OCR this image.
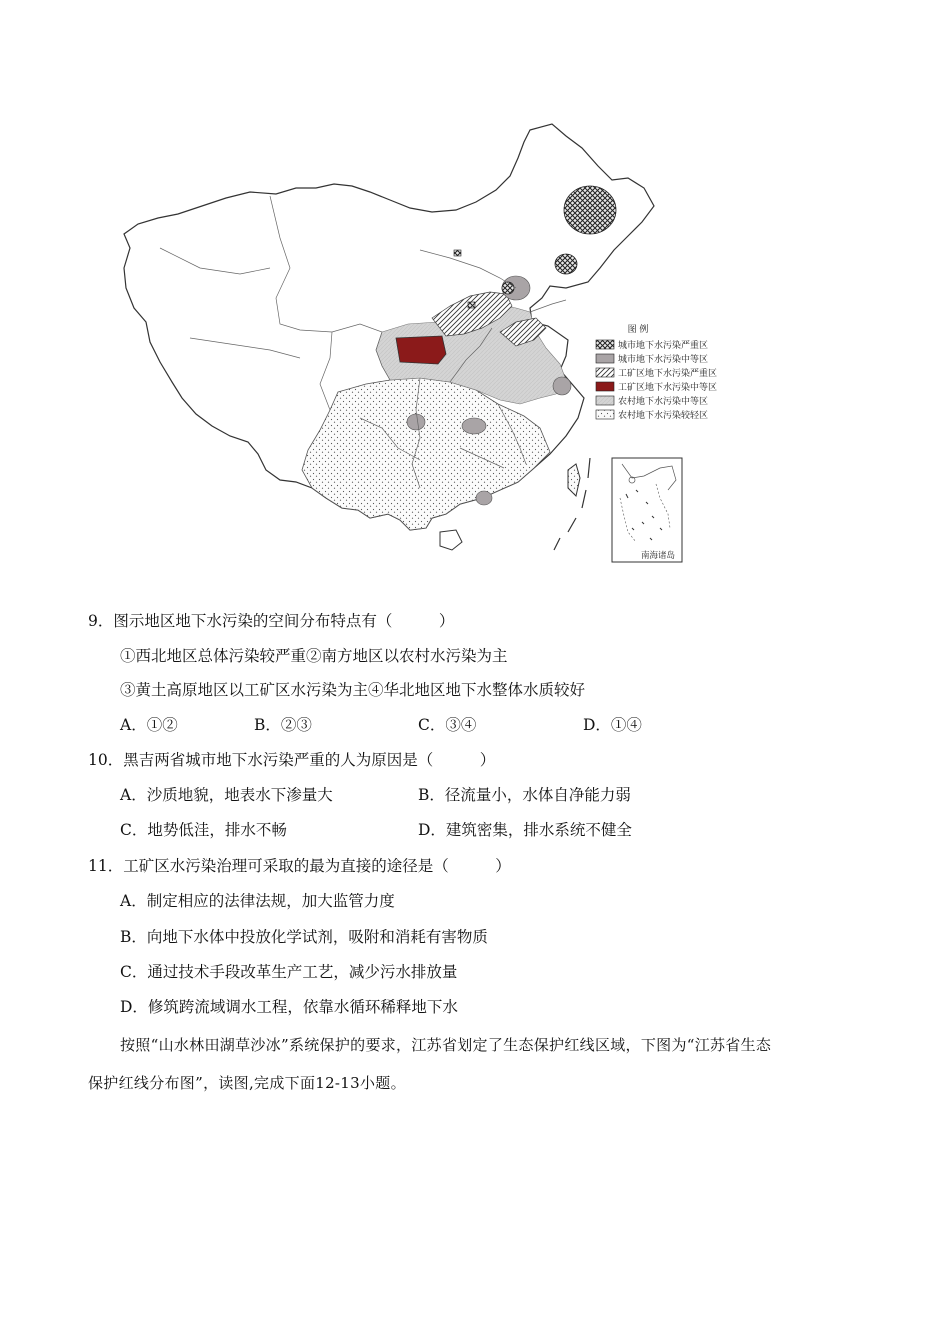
图 例
城市地下水污染严重区
城市地下水污染中等区
工矿区地下水污染严重区
工矿区地下水污染中等区
农村地下水污染中等区
农村地下水污染较轻区
南海诸岛
9．图示地区地下水污染的空间分布特点有（　　　）
①西北地区总体污染较严重②南方地区以农村水污染为主
③黄土高原地区以工矿区水污染为主④华北地区地下水整体水质较好
A．①②	B．②③	C．③④	D．①④
10．黑吉两省城市地下水污染严重的人为原因是（　　　）
A．沙质地貌，地表水下渗量大	B．径流量小，水体自净能力弱
C．地势低洼，排水不畅	D．建筑密集，排水系统不健全
11．工矿区水污染治理可采取的最为直接的途径是（　　　）
A．制定相应的法律法规，加大监管力度
B．向地下水体中投放化学试剂，吸附和消耗有害物质
C．通过技术手段改革生产工艺，减少污水排放量
D．修筑跨流域调水工程，依靠水循环稀释地下水
按照“山水林田湖草沙冰”系统保护的要求，江苏省划定了生态保护红线区域，下图为“江苏省生态
保护红线分布图”，读图,完成下面12-13小题。
